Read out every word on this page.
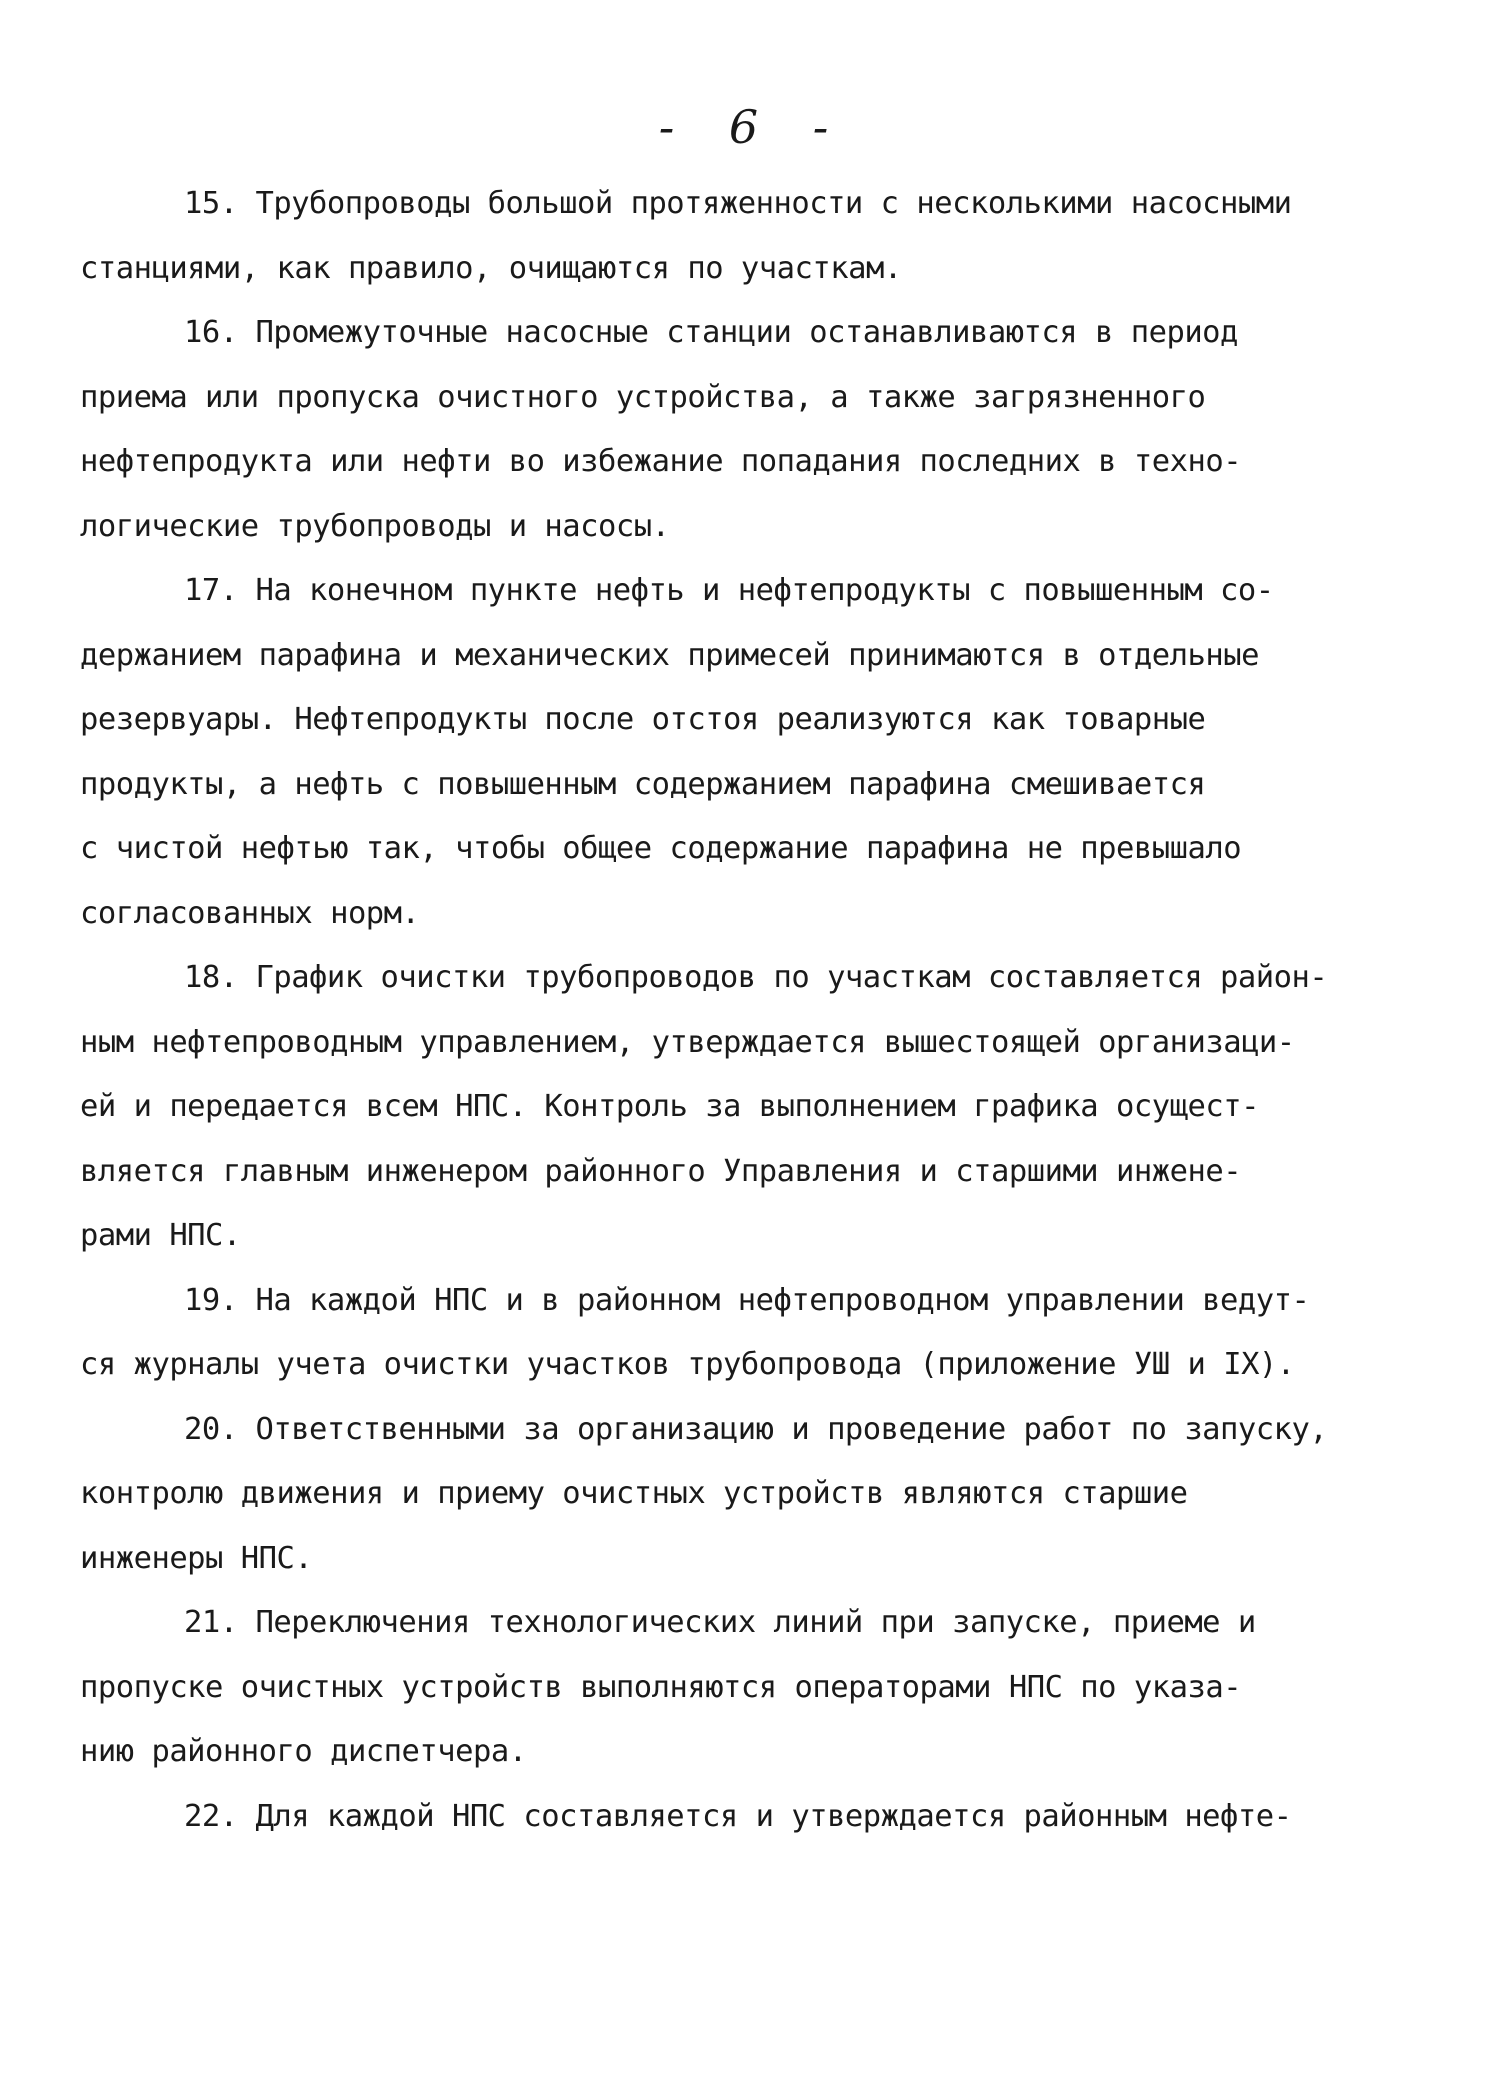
- 6 -
15. Трубопроводы большой протяженности с несколькими насосными
станциями, как правило, очищаются по участкам.
16. Промежуточные насосные станции останавливаются в период
приема или пропуска очистного устройства, а также загрязненного
нефтепродукта или нефти во избежание попадания последних в техно-
логические трубопроводы и насосы.
17. На конечном пункте нефть и нефтепродукты с повышенным со-
держанием парафина и механических примесей принимаются в отдельные
резервуары. Нефтепродукты после отстоя реализуются как товарные
продукты, а нефть с повышенным содержанием парафина смешивается
с чистой нефтью так, чтобы общее содержание парафина не превышало
согласованных норм.
18. График очистки трубопроводов по участкам составляется район-
ным нефтепроводным управлением, утверждается вышестоящей организаци-
ей и передается всем НПС. Контроль за выполнением графика осущест-
вляется главным инженером районного Управления и старшими инжене-
рами НПС.
19. На каждой НПС и в районном нефтепроводном управлении ведут-
ся журналы учета очистки участков трубопровода (приложение УШ и IX).
20. Ответственными за организацию и проведение работ по запуску,
контролю движения и приему очистных устройств являются старшие
инженеры НПС.
21. Переключения технологических линий при запуске, приеме и
пропуске очистных устройств выполняются операторами НПС по указа-
нию районного диспетчера.
22. Для каждой НПС составляется и утверждается районным нефте-
